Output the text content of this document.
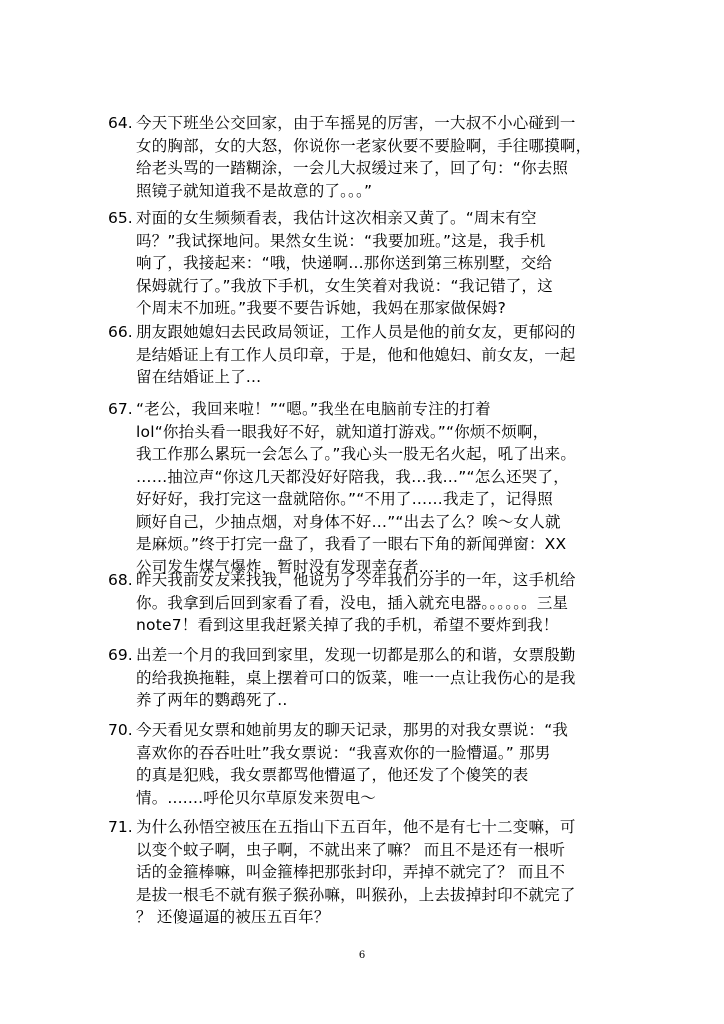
64. 今天下班坐公交回家，由于车摇晃的厉害，一大叔不小心碰到一
女的胸部，女的大怒，你说你一老家伙要不要脸啊，手往哪摸啊，
给老头骂的一踏糊涂，一会儿大叔缓过来了，回了句：“你去照
照镜子就知道我不是故意的了。。。”
65. 对面的女生频频看表，我估计这次相亲又黄了。“周末有空
吗？”我试探地问。果然女生说：“我要加班。”这是，我手机
响了，我接起来：“哦，快递啊...那你送到第三栋别墅，交给
保姆就行了。”我放下手机，女生笑着对我说：“我记错了，这
个周末不加班。”我要不要告诉她，我妈在那家做保姆?
66. 朋友跟她媳妇去民政局领证，工作人员是他的前女友，更郁闷的
是结婚证上有工作人员印章，于是，他和他媳妇、前女友，一起
留在结婚证上了...
67. “老公，我回来啦！”“嗯。”我坐在电脑前专注的打着
lol“你抬头看一眼我好不好，就知道打游戏。”“你烦不烦啊，
我工作那么累玩一会怎么了。”我心头一股无名火起，吼了出来。
……抽泣声“你这几天都没好好陪我，我…我…”“怎么还哭了，
好好好，我打完这一盘就陪你。”“不用了……我走了，记得照
顾好自己，少抽点烟，对身体不好…”“出去了么？唉～女人就
是麻烦。”终于打完一盘了，我看了一眼右下角的新闻弹窗：XX
公司发生煤气爆炸，暂时没有发现幸存者……
68. 昨天我前女友来找我，他说为了今年我们分手的一年，这手机给
你。我拿到后回到家看了看，没电，插入就充电器。。。。。。三星
note7！看到这里我赶紧关掉了我的手机，希望不要炸到我！
69. 出差一个月的我回到家里，发现一切都是那么的和谐，女票殷勤
的给我换拖鞋，桌上摆着可口的饭菜，唯一一点让我伤心的是我
养了两年的鹦鹉死了..
70. 今天看见女票和她前男友的聊天记录，那男的对我女票说：“我
喜欢你的吞吞吐吐”我女票说：“我喜欢你的一脸懵逼。” 那男
的真是犯贱，我女票都骂他懵逼了，他还发了个傻笑的表
情。.......呼伦贝尔草原发来贺电～
71. 为什么孙悟空被压在五指山下五百年，他不是有七十二变嘛，可
以变个蚊子啊，虫子啊，不就出来了嘛？ 而且不是还有一根听
话的金箍棒嘛，叫金箍棒把那张封印，弄掉不就完了？ 而且不
是拔一根毛不就有猴子猴孙嘛，叫猴孙，上去拔掉封印不就完了
？ 还傻逼逼的被压五百年？
6
